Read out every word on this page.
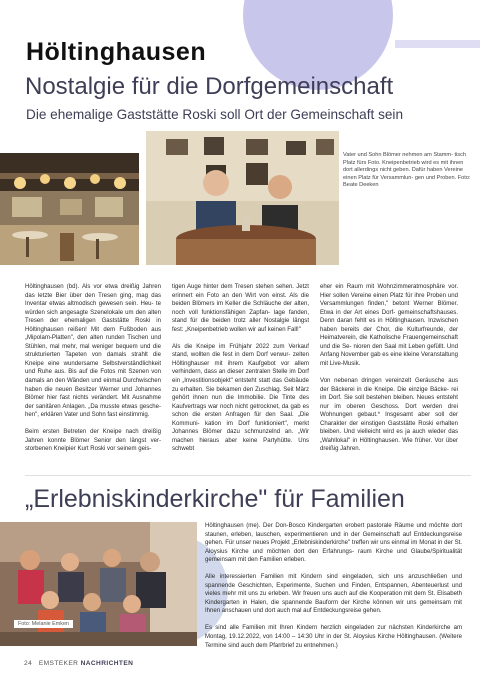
Höltinghausen
Nostalgie für die Dorfgemeinschaft
Die ehemalige Gaststätte Roski soll Ort der Gemeinschaft sein
Vater und Sohn Blömer nehmen am Stamm- tisch Platz fürs Foto. Kneipenbetrieb wird es mit ihnen dort allerdings nicht geben. Dafür haben Vereine einen Platz für Versammlun- gen und Proben. Foto: Beate Deeken

Höltinghausen (bd). Als vor etwa dreißig Jahren das letzte Bier über den Tresen ging, mag das Inventar etwas altmodisch gewesen sein. Heu- te würden sich angesagte Szenelokale um den alten Tresen der ehemaligen Gaststätte Roski in Höltinghausen reißen! Mit dem Fußboden aus „Mipolam-Platten", den alten runden Tischen und Stühlen, mal mehr, mal weniger bequem und die strukturierten Tapeten von damals strahlt die Kneipe eine wundersame Selbstverständlichkeit und Ruhe aus. Bis auf die Fotos mit Szenen von damals an den Wänden und einmal Durchwischen haben die neuen Besitzer Werner und Johannes Blömer hier fast nichts verändert. Mit Ausnahme der sanitären Anlagen. „Da musste etwas gesche- hen", erklären Vater und Sohn fast einstimmig.

Beim ersten Betreten der Kneipe nach dreißig Jahren konnte Blömer Senior den längst ver- storbenen Kneipier Kurt Roski vor seinem geis-

tigen Auge hinter dem Tresen stehen sehen. Jetzt erinnert ein Foto an den Wirt von einst. Als die beiden Blömers im Keller die Schläuche der alten, noch voll funktionsfähigen Zapfan- lage fanden, stand für die beiden trotz aller Nostalgie längst fest: „Kneipenbetrieb wollen wir auf keinen Fall!"

Als die Kneipe im Frühjahr 2022 zum Verkauf stand, wollten die fest in dem Dorf verwur- zelten Höltinghauser mit ihrem Kaufgebot vor allem verhindern, dass an dieser zentralen Stelle im Dorf ein „Investitionsobjekt" entsteht statt das Gebäude zu erhalten. Sie bekamen den Zuschlag. Seit März gehört ihnen nun die Immobilie. Die Tinte des Kaufvertrags war noch nicht getrocknet, da gab es schon die ersten Anfragen für den Saal. „Die Kommuni- kation im Dorf funktioniert", merkt Johannes Blömer dazu schmunzelnd an. „Wir machen hieraus aber keine Partyhütte. Uns schwebt

eher ein Raum mit Wohnzimmeratmosphäre vor. Hier sollen Vereine einen Platz für ihre Proben und Versammlungen finden," betont Werner Blömer. Etwa in der Art eines Dorf- gemeinschaftshauses. Denn daran fehlt es in Höltinghausen. Inzwischen haben bereits der Chor, die Kulturfreunde, der Heimatverein, die Katholische Frauengemeinschaft und die Se- nioren den Saal mit Leben gefüllt. Und Anfang November gab es eine kleine Veranstaltung mit Live-Musik.

Von nebenan dringen vereinzelt Geräusche aus der Bäckerei in die Kneipe. Die einzige Bäcke- rei im Dorf. Sie soll bestehen bleiben. Neues entsteht nur im oberen Geschoss. Dort werden drei Wohnungen gebaut.* Insgesamt aber soll der Charakter der einstigen Gaststätte Roski erhalten bleiben. Und vielleicht wird es ja auch wieder das „Wahllokal" in Höltinghausen. Wie früher. Vor über dreißig Jahren.

„Erlebniskinderkirche" für Familien
Foto: Melanie Emken

Höltinghausen (me). Der Don-Bosco Kindergarten erobert pastorale Räume und möchte dort staunen, erleben, lauschen, experimentieren und in der Gemeinschaft auf Entdeckungsreise gehen. Für unser neues Projekt „Erlebniskinderkirche" treffen wir uns einmal im Monat in der St. Aloysius Kirche und möchten dort den Erfahrungs- raum Kirche und Glaube/Spiritualität gemeinsam mit den Familien erleben.

Alle interessierten Familien mit Kindern sind eingeladen, sich uns anzuschließen und spannende Geschichten, Experimente, Suchen und Finden, Entspannen, Abenteuerlust und vieles mehr mit uns zu erleben. Wir freuen uns auch auf die Kooperation mit dem St. Elisabeth Kindergarten in Halen, die spannende Bauform der Kirche können wir uns gemeinsam mit Ihnen anschauen und dort auch mal auf Entdeckungsreise gehen.

Es sind alle Familien mit Ihren Kindern herzlich eingeladen zur nächsten Kinderkirche am Montag, 19.12.2022, von 14:00 – 14:30 Uhr in der St. Aloysius Kirche Höltinghausen. (Weitere Termine sind auch dem Pfarrbrief zu entnehmen.)

24 EMSTEKER NACHRICHTEN
